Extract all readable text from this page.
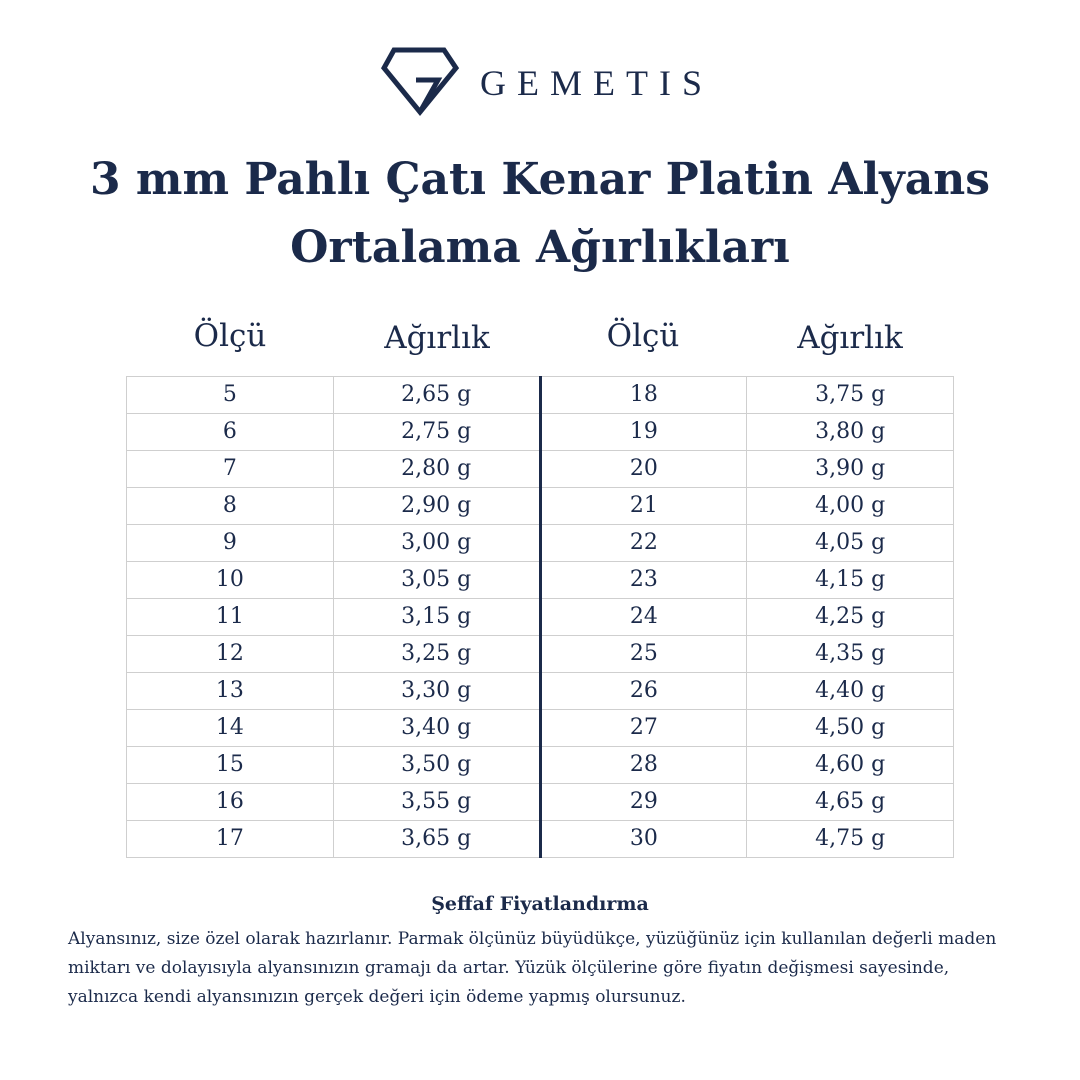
GEMETIS
3 mm Pahlı Çatı Kenar Platin Alyans
Ortalama Ağırlıkları
Ölçü	Ağırlık	Ölçü	Ağırlık
5	2,65 g	18	3,75 g
6	2,75 g	19	3,80 g
7	2,80 g	20	3,90 g
8	2,90 g	21	4,00 g
9	3,00 g	22	4,05 g
10	3,05 g	23	4,15 g
11	3,15 g	24	4,25 g
12	3,25 g	25	4,35 g
13	3,30 g	26	4,40 g
14	3,40 g	27	4,50 g
15	3,50 g	28	4,60 g
16	3,55 g	29	4,65 g
17	3,65 g	30	4,75 g
Şeffaf Fiyatlandırma
Alyansınız, size özel olarak hazırlanır. Parmak ölçünüz büyüdükçe, yüzüğünüz için kullanılan değerli maden miktarı ve dolayısıyla alyansınızın gramajı da artar. Yüzük ölçülerine göre fiyatın değişmesi sayesinde, yalnızca kendi alyansınızın gerçek değeri için ödeme yapmış olursunuz.
